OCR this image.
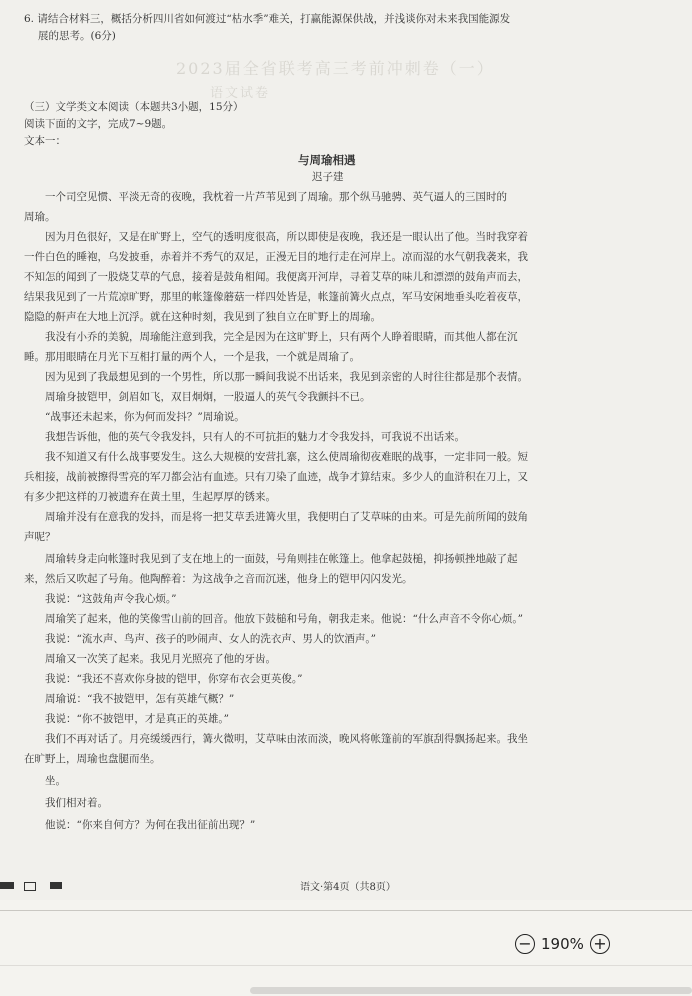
6. 请结合材料三，概括分析四川省如何渡过“枯水季”难关，打赢能源保供战，并浅谈你对未来我国能源发
展的思考。(6分)
2023届全省联考高三考前冲刺卷（一）
语文试卷
（三）文学类文本阅读（本题共3小题，15分）
阅读下面的文字，完成7~9题。
文本一：
与周瑜相遇
迟子建
　　一个司空见惯、平淡无奇的夜晚，我枕着一片芦苇见到了周瑜。那个纵马驰骋、英气逼人的三国时的
周瑜。
　　因为月色很好，又是在旷野上，空气的透明度很高，所以即使是夜晚，我还是一眼认出了他。当时我穿着
一件白色的睡袍，乌发披垂，赤着并不秀气的双足，正漫无目的地行走在河岸上。凉而湿的水气朝我袭来，我
不知怎的闻到了一股烧艾草的气息，接着是鼓角相闻。我便离开河岸，寻着艾草的味儿和漂漂的鼓角声而去，
结果我见到了一片荒凉旷野，那里的帐篷像蘑菇一样四处皆是，帐篷前篝火点点，军马安闲地垂头吃着夜草，
隐隐的鼾声在大地上沉浮。就在这种时刻，我见到了独自立在旷野上的周瑜。
　　我没有小乔的美貌，周瑜能注意到我，完全是因为在这旷野上，只有两个人睁着眼睛，而其他人都在沉
睡。那用眼睛在月光下互相打量的两个人，一个是我，一个就是周瑜了。
　　因为见到了我最想见到的一个男性，所以那一瞬间我说不出话来，我见到亲密的人时往往都是那个表情。
　　周瑜身披铠甲，剑眉如飞，双目炯炯，一股逼人的英气令我颤抖不已。
　　“战事还未起来，你为何而发抖？”周瑜说。
　　我想告诉他，他的英气令我发抖，只有人的不可抗拒的魅力才令我发抖，可我说不出话来。
　　我不知道又有什么战事要发生。这么大规模的安营扎寨，这么使周瑜彻夜难眠的战事，一定非同一般。短
兵相接，战前被擦得雪亮的军刀都会沾有血迹。只有刀染了血迹，战争才算结束。多少人的血浒积在刀上，又
有多少把这样的刀被遗弃在黄土里，生起厚厚的锈来。
　　周瑜并没有在意我的发抖，而是将一把艾草丢进篝火里，我便明白了艾草味的由来。可是先前所闻的鼓角
声呢？
　　周瑜转身走向帐篷时我见到了支在地上的一面鼓，号角则挂在帐篷上。他拿起鼓槌，抑扬顿挫地敲了起
来，然后又吹起了号角。他陶醉着：为这战争之音而沉迷，他身上的铠甲闪闪发光。
　　我说：“这鼓角声令我心烦。”
　　周瑜笑了起来，他的笑像雪山前的回音。他放下鼓槌和号角，朝我走来。他说：“什么声音不令你心烦。”
　　我说：“流水声、鸟声、孩子的吵闹声、女人的洗衣声、男人的饮酒声。”
　　周瑜又一次笑了起来。我见月光照亮了他的牙齿。
　　我说：“我还不喜欢你身披的铠甲，你穿布衣会更英俊。”
　　周瑜说：“我不披铠甲，怎有英雄气概？”
　　我说：“你不披铠甲，才是真正的英雄。”
　　我们不再对话了。月亮缓缓西行，篝火微明，艾草味由浓而淡，晚风将帐篷前的军旗刮得飘扬起来。我坐
在旷野上，周瑜也盘腿而坐。
　　坐。
　　我们相对着。
　　他说：“你来自何方？为何在我出征前出现？”
语文·第4页（共8页）
− 190% +
